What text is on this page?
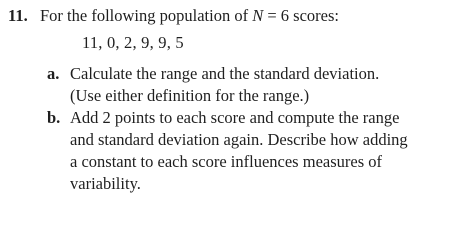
11. For the following population of N = 6 scores:
11, 0, 2, 9, 9, 5
a. Calculate the range and the standard deviation.
(Use either definition for the range.)
b. Add 2 points to each score and compute the range
and standard deviation again. Describe how adding
a constant to each score influences measures of
variability.
